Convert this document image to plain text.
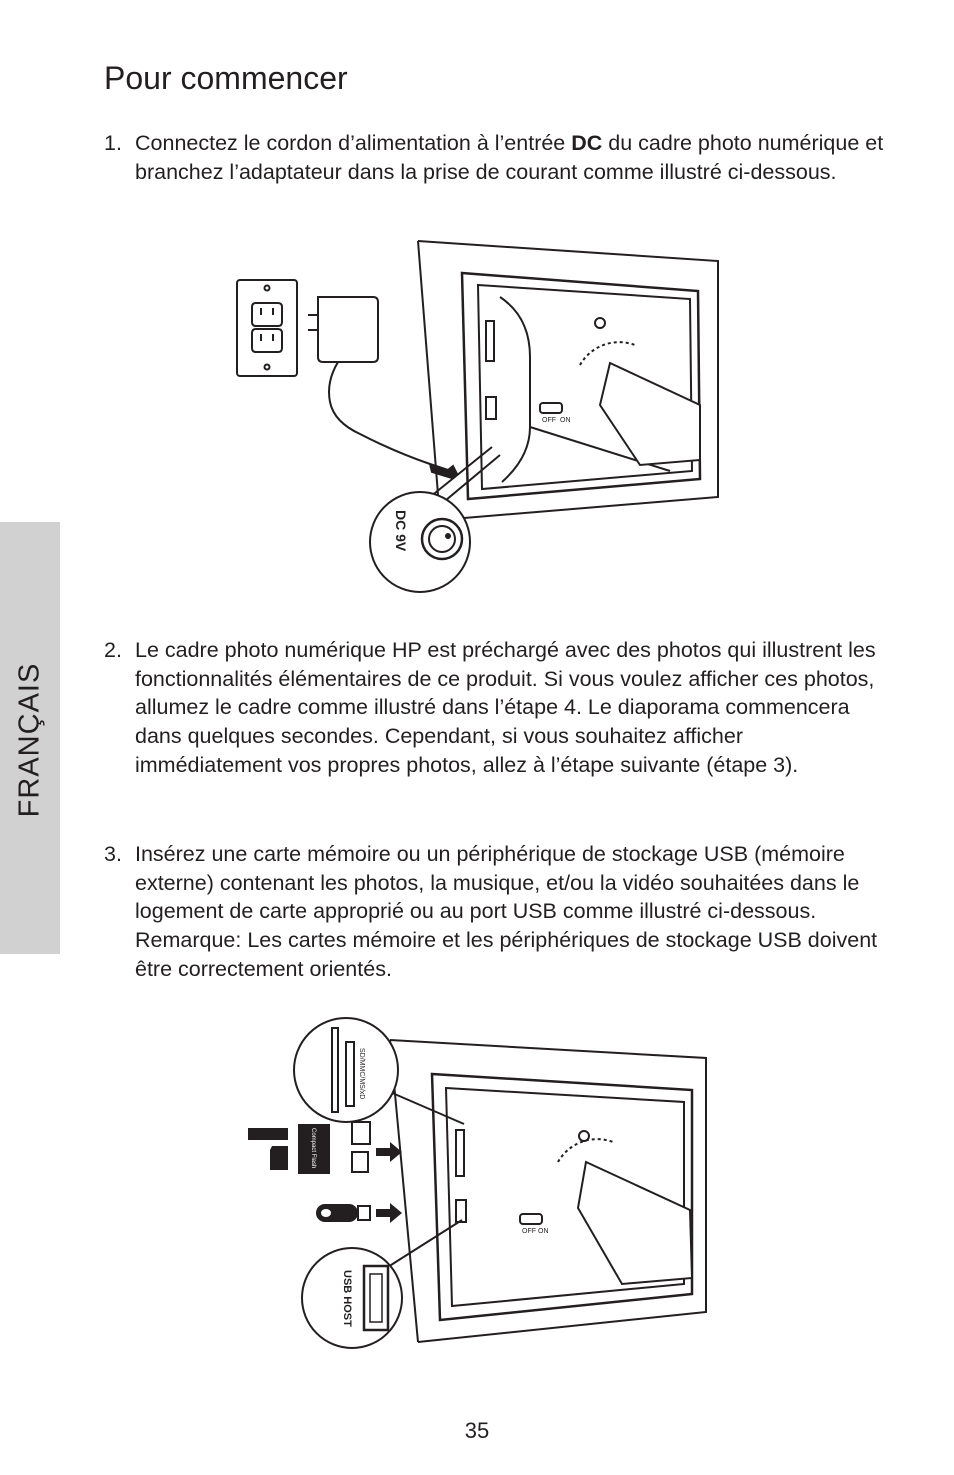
Pour commencer

1. Connectez le cordon d’alimentation à l’entrée DC du cadre photo numérique et branchez l’adaptateur dans la prise de courant comme illustré ci-dessous.

OFF ON
DC 9V

2. Le cadre photo numérique HP est préchargé avec des photos qui illustrent les fonctionnalités élémentaires de ce produit. Si vous voulez afficher ces photos, allumez le cadre comme illustré dans l’étape 4. Le diaporama commencera dans quelques secondes. Cependant, si vous souhaitez afficher immédiatement vos propres photos, allez à l’étape suivante (étape 3).

3. Insérez une carte mémoire ou un périphérique de stockage USB (mémoire externe) contenant les photos, la musique, et/ou la vidéo souhaitées dans le logement de carte approprié ou au port USB comme illustré ci-dessous. Remarque: Les cartes mémoire et les périphériques de stockage USB doivent être correctement orientés.

OFF ON
SD/MMC/MS/xD
Compact Flash
USB HOST
FRANÇAIS
35
